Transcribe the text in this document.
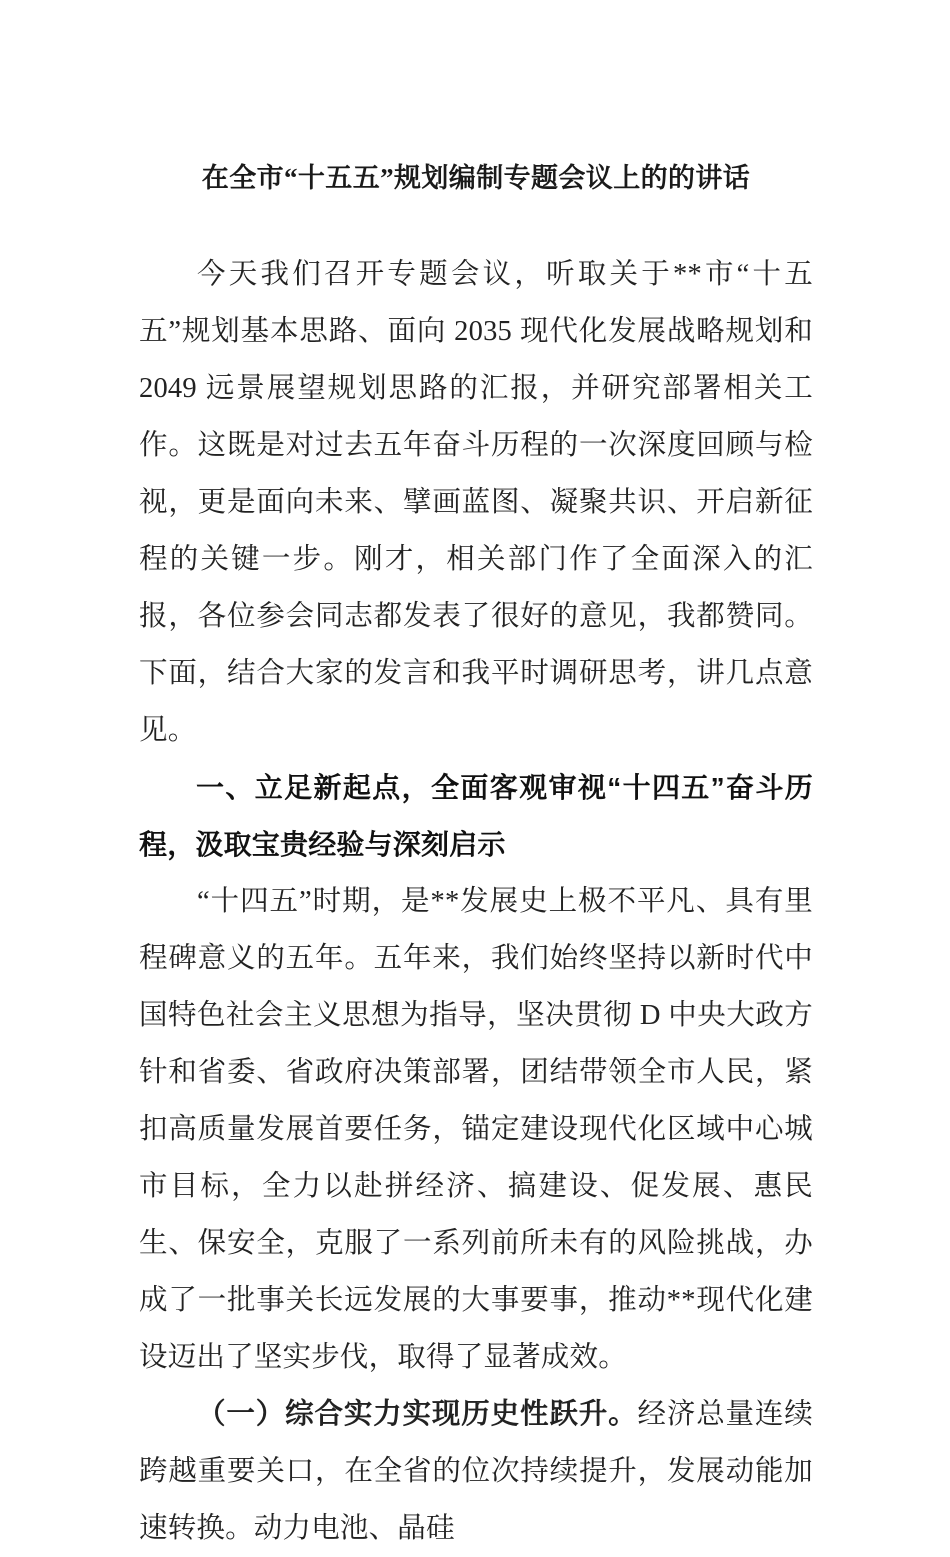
在全市“十五五”规划编制专题会议上的的讲话

今天我们召开专题会议，听取关于**市“十五五”规划基本思路、面向 2035 现代化发展战略规划和 2049 远景展望规划思路的汇报，并研究部署相关工作。这既是对过去五年奋斗历程的一次深度回顾与检视，更是面向未来、擘画蓝图、凝聚共识、开启新征程的关键一步。刚才，相关部门作了全面深入的汇报，各位参会同志都发表了很好的意见，我都赞同。下面，结合大家的发言和我平时调研思考，讲几点意见。

一、立足新起点，全面客观审视“十四五”奋斗历程，汲取宝贵经验与深刻启示

“十四五”时期，是**发展史上极不平凡、具有里程碑意义的五年。五年来，我们始终坚持以新时代中国特色社会主义思想为指导，坚决贯彻 D 中央大政方针和省委、省政府决策部署，团结带领全市人民，紧扣高质量发展首要任务，锚定建设现代化区域中心城市目标，全力以赴拼经济、搞建设、促发展、惠民生、保安全，克服了一系列前所未有的风险挑战，办成了一批事关长远发展的大事要事，推动**现代化建设迈出了坚实步伐，取得了显著成效。

（一）综合实力实现历史性跃升。经济总量连续跨越重要关口，在全省的位次持续提升，发展动能加速转换。动力电池、晶硅
